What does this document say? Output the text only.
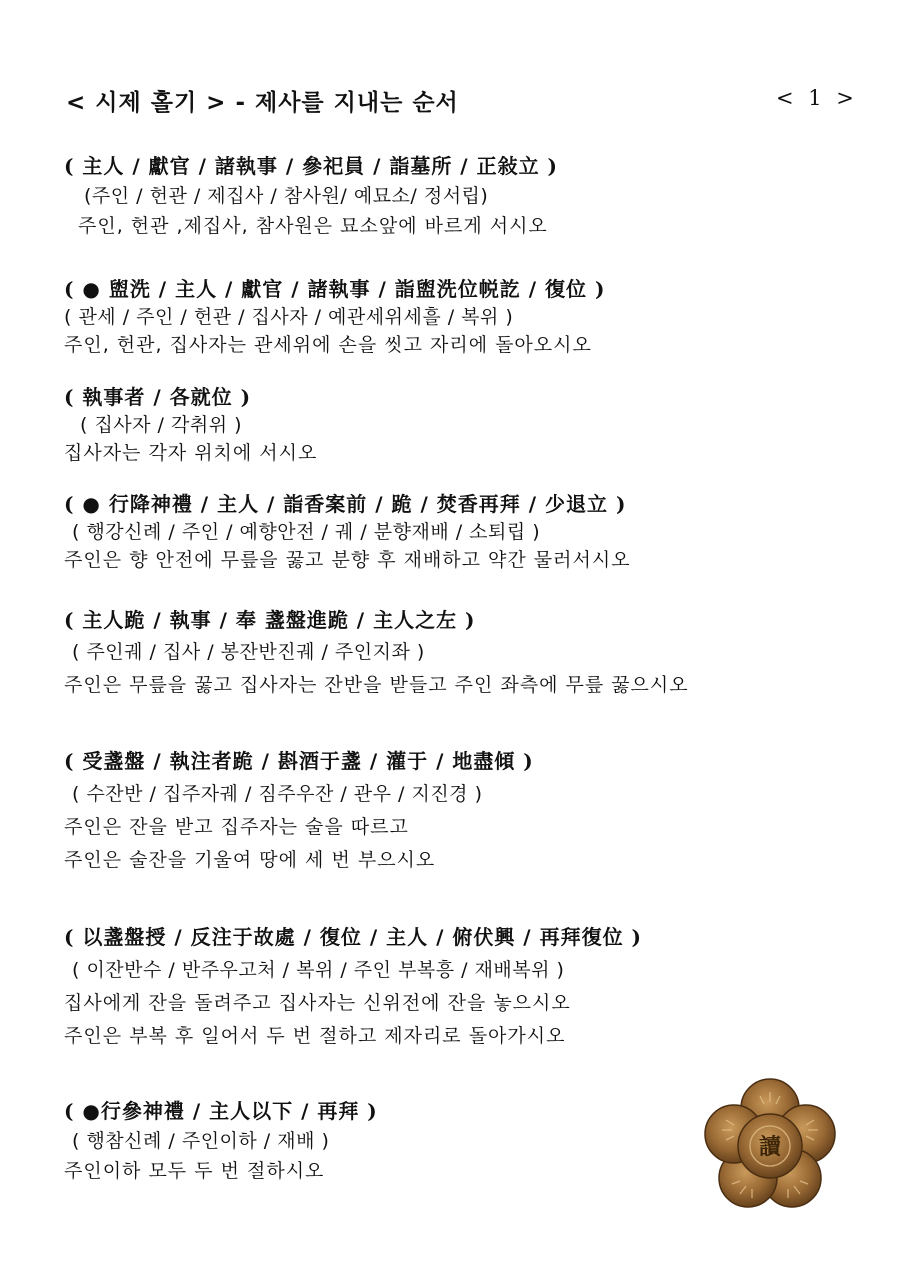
< 시제 홀기 > - 제사를 지내는 순서	< 1 >
( 主人 / 獻官 / 諸執事 / 參祀員 / 詣墓所 / 正敍立 )
(주인 / 헌관 / 제집사 / 참사원/ 예묘소/ 정서립)
주인, 헌관 ,제집사, 참사원은 묘소앞에 바르게 서시오
( ● 盥洗 / 主人 / 獻官 / 諸執事 / 詣盥洗位帨訖 / 復位 )
( 관세 / 주인 / 헌관 / 집사자 / 예관세위세흘 / 복위 )
주인, 헌관, 집사자는 관세위에 손을 씻고 자리에 돌아오시오
( 執事者 / 各就位 )
( 집사자 / 각취위 )
집사자는 각자 위치에 서시오
( ● 行降神禮 / 主人 / 詣香案前 / 跪 / 焚香再拜 / 少退立 )
( 행강신례 / 주인 / 예향안전 / 궤 / 분향재배 / 소퇴립 )
주인은 향 안전에 무릎을 꿇고 분향 후 재배하고 약간 물러서시오
( 主人跪 / 執事 / 奉 盞盤進跪 / 主人之左 )
( 주인궤 / 집사 / 봉잔반진궤 / 주인지좌 )
주인은 무릎을 꿇고 집사자는 잔반을 받들고 주인 좌측에 무릎 꿇으시오
( 受盞盤 / 執注者跪 / 斟酒于盞 / 灌于 / 地盡傾 )
( 수잔반 / 집주자궤 / 짐주우잔 / 관우 / 지진경 )
주인은 잔을 받고 집주자는 술을 따르고
주인은 술잔을 기울여 땅에 세 번 부으시오
( 以盞盤授 / 反注于故處 / 復位 / 主人 / 俯伏興 / 再拜復位 )
( 이잔반수 / 반주우고처 / 복위 / 주인 부복흥 / 재배복위 )
집사에게 잔을 돌려주고 집사자는 신위전에 잔을 놓으시오
주인은 부복 후 일어서 두 번 절하고 제자리로 돌아가시오
( ●行參神禮 / 主人以下 / 再拜 )
( 행참신례 / 주인이하 / 재배 )
주인이하 모두 두 번 절하시오
讀
